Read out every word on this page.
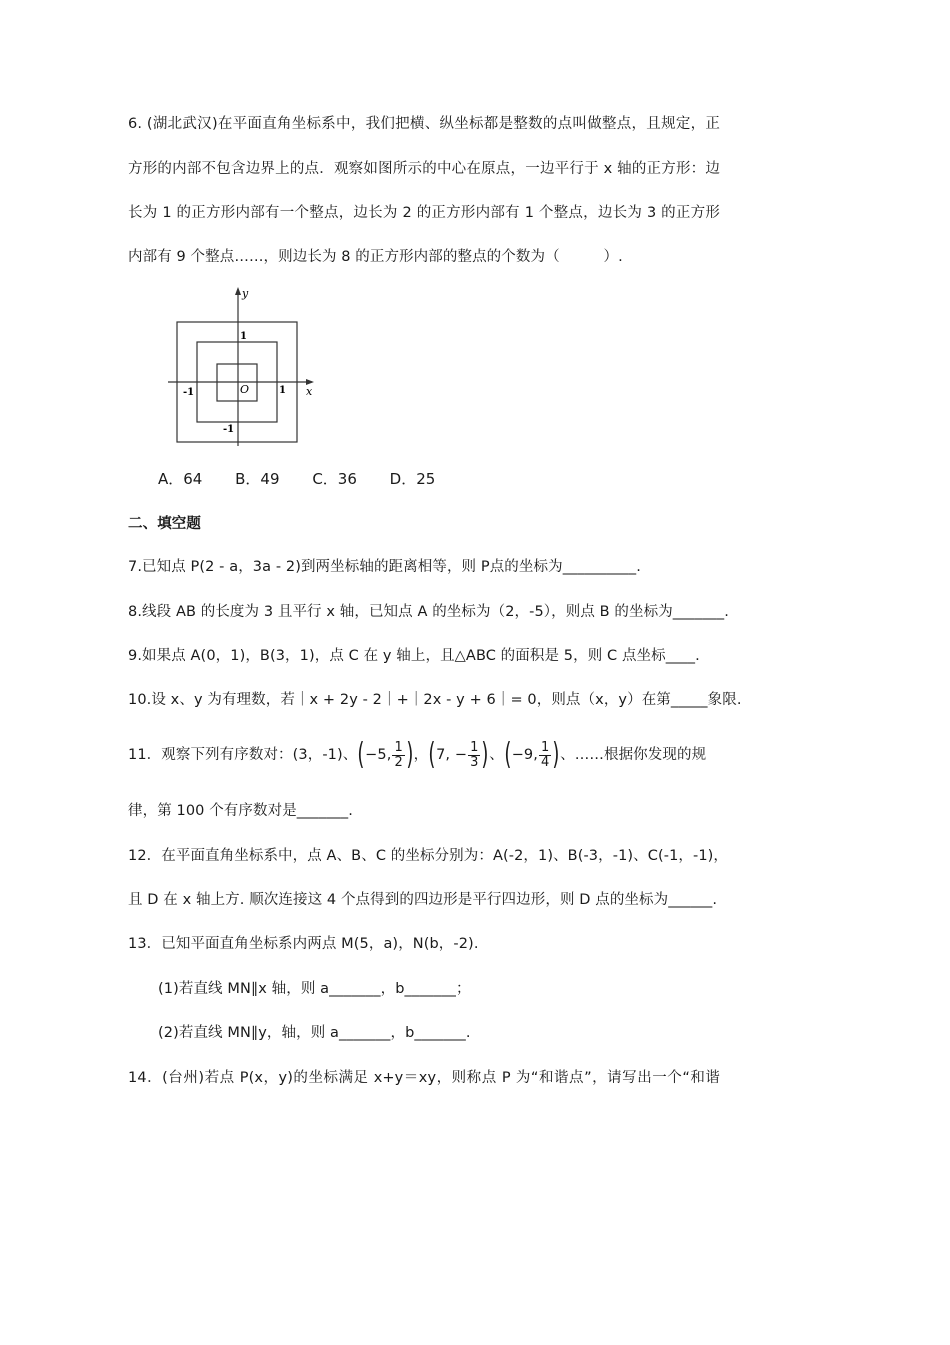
6. (湖北武汉)在平面直角坐标系中，我们把横、纵坐标都是整数的点叫做整点，且规定，正
方形的内部不包含边界上的点．观察如图所示的中心在原点，一边平行于 x 轴的正方形：边
长为 1 的正方形内部有一个整点，边长为 2 的正方形内部有 1 个整点，边长为 3 的正方形
内部有 9 个整点……，则边长为 8 的正方形内部的整点的个数为（　　　）.
y
x
O
1
1
-1
-1
A．64 B．49 C．36 D．25
二、填空题
7.已知点 P(2 - a，3a - 2)到两坐标轴的距离相等，则 P点的坐标为__________.
8.线段 AB 的长度为 3 且平行 x 轴，已知点 A 的坐标为（2，-5），则点 B 的坐标为_______.
9.如果点 A(0，1)，B(3，1)，点 C 在 y 轴上，且△ABC 的面积是 5，则 C 点坐标____.
10.设 x、y 为有理数，若｜x + 2y - 2｜+｜2x - y + 6｜= 0，则点（x，y）在第_____象限.
11．观察下列有序数对：(3，-1)、(−5, $\frac{1}{2}$ )，(7, − $\frac{1}{3}$ )、(−9, $\frac{1}{4}$ )、……根据你发现的规
律，第 100 个有序数对是_______.
12．在平面直角坐标系中，点 A、B、C 的坐标分别为：A(-2，1)、B(-3，-1)、C(-1，-1)，
且 D 在 x 轴上方. 顺次连接这 4 个点得到的四边形是平行四边形，则 D 点的坐标为______.
13．已知平面直角坐标系内两点 M(5，a)，N(b，-2).
(1)若直线 MN∥x 轴，则 a_______，b_______；
(2)若直线 MN∥y，轴，则 a_______，b_______.
14．(台州)若点 P(x，y)的坐标满足 x+y＝xy，则称点 P 为“和谐点”，请写出一个“和谐
